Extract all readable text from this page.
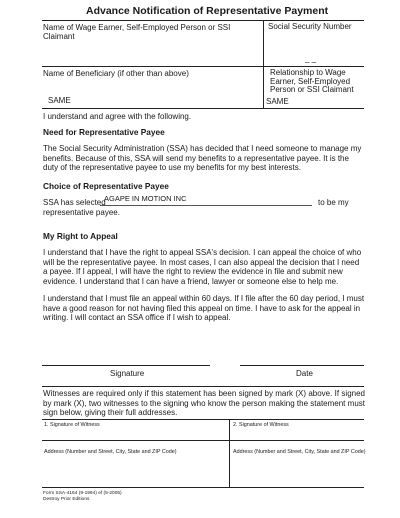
Advance Notification of Representative Payment
Name of Wage Earner, Self-Employed Person or SSI Claimant
Social Security Number
_ _
Name of Beneficiary (if other than above)	Relationship to Wage Earner, Self-Employed Person or SSI Claimant
SAME	SAME
I understand and agree with the following.
Need for Representative Payee
The Social Security Administration (SSA) has decided that I need someone to manage my benefits. Because of this, SSA will send my benefits to a representative payee. It is the duty of the representative payee to use my benefits for my best interests.
Choice of Representative Payee
SSA has selected
AGAPE IN MOTION INC	to be my
representative payee.
My Right to Appeal
I understand that I have the right to appeal SSA's decision. I can appeal the choice of who will be the representative payee. In most cases, I can also appeal the decision that I need a payee. If I appeal, I will have the right to review the evidence in file and submit new evidence. I understand that I can have a friend, lawyer or someone else to help me.
I understand that I must file an appeal within 60 days. If I file after the 60 day period, I must have a good reason for not having filed this appeal on time. I have to ask for the appeal in writing. I will contact an SSA office if I wish to appeal.
Signature	Date
Witnesses are required only if this statement has been signed by mark (X) above. If signed by mark (X), two witnesses to the signing who know the person making the statement must sign below, giving their full addresses.
1. Signature of Witness	2. Signature of Witness
Address (Number and Street, City, State and ZIP Code)	Address (Number and Street, City, State and ZIP Code)
Form SSA-4164 (9-1994) ef (5-2005)
Destroy Prior Editions
